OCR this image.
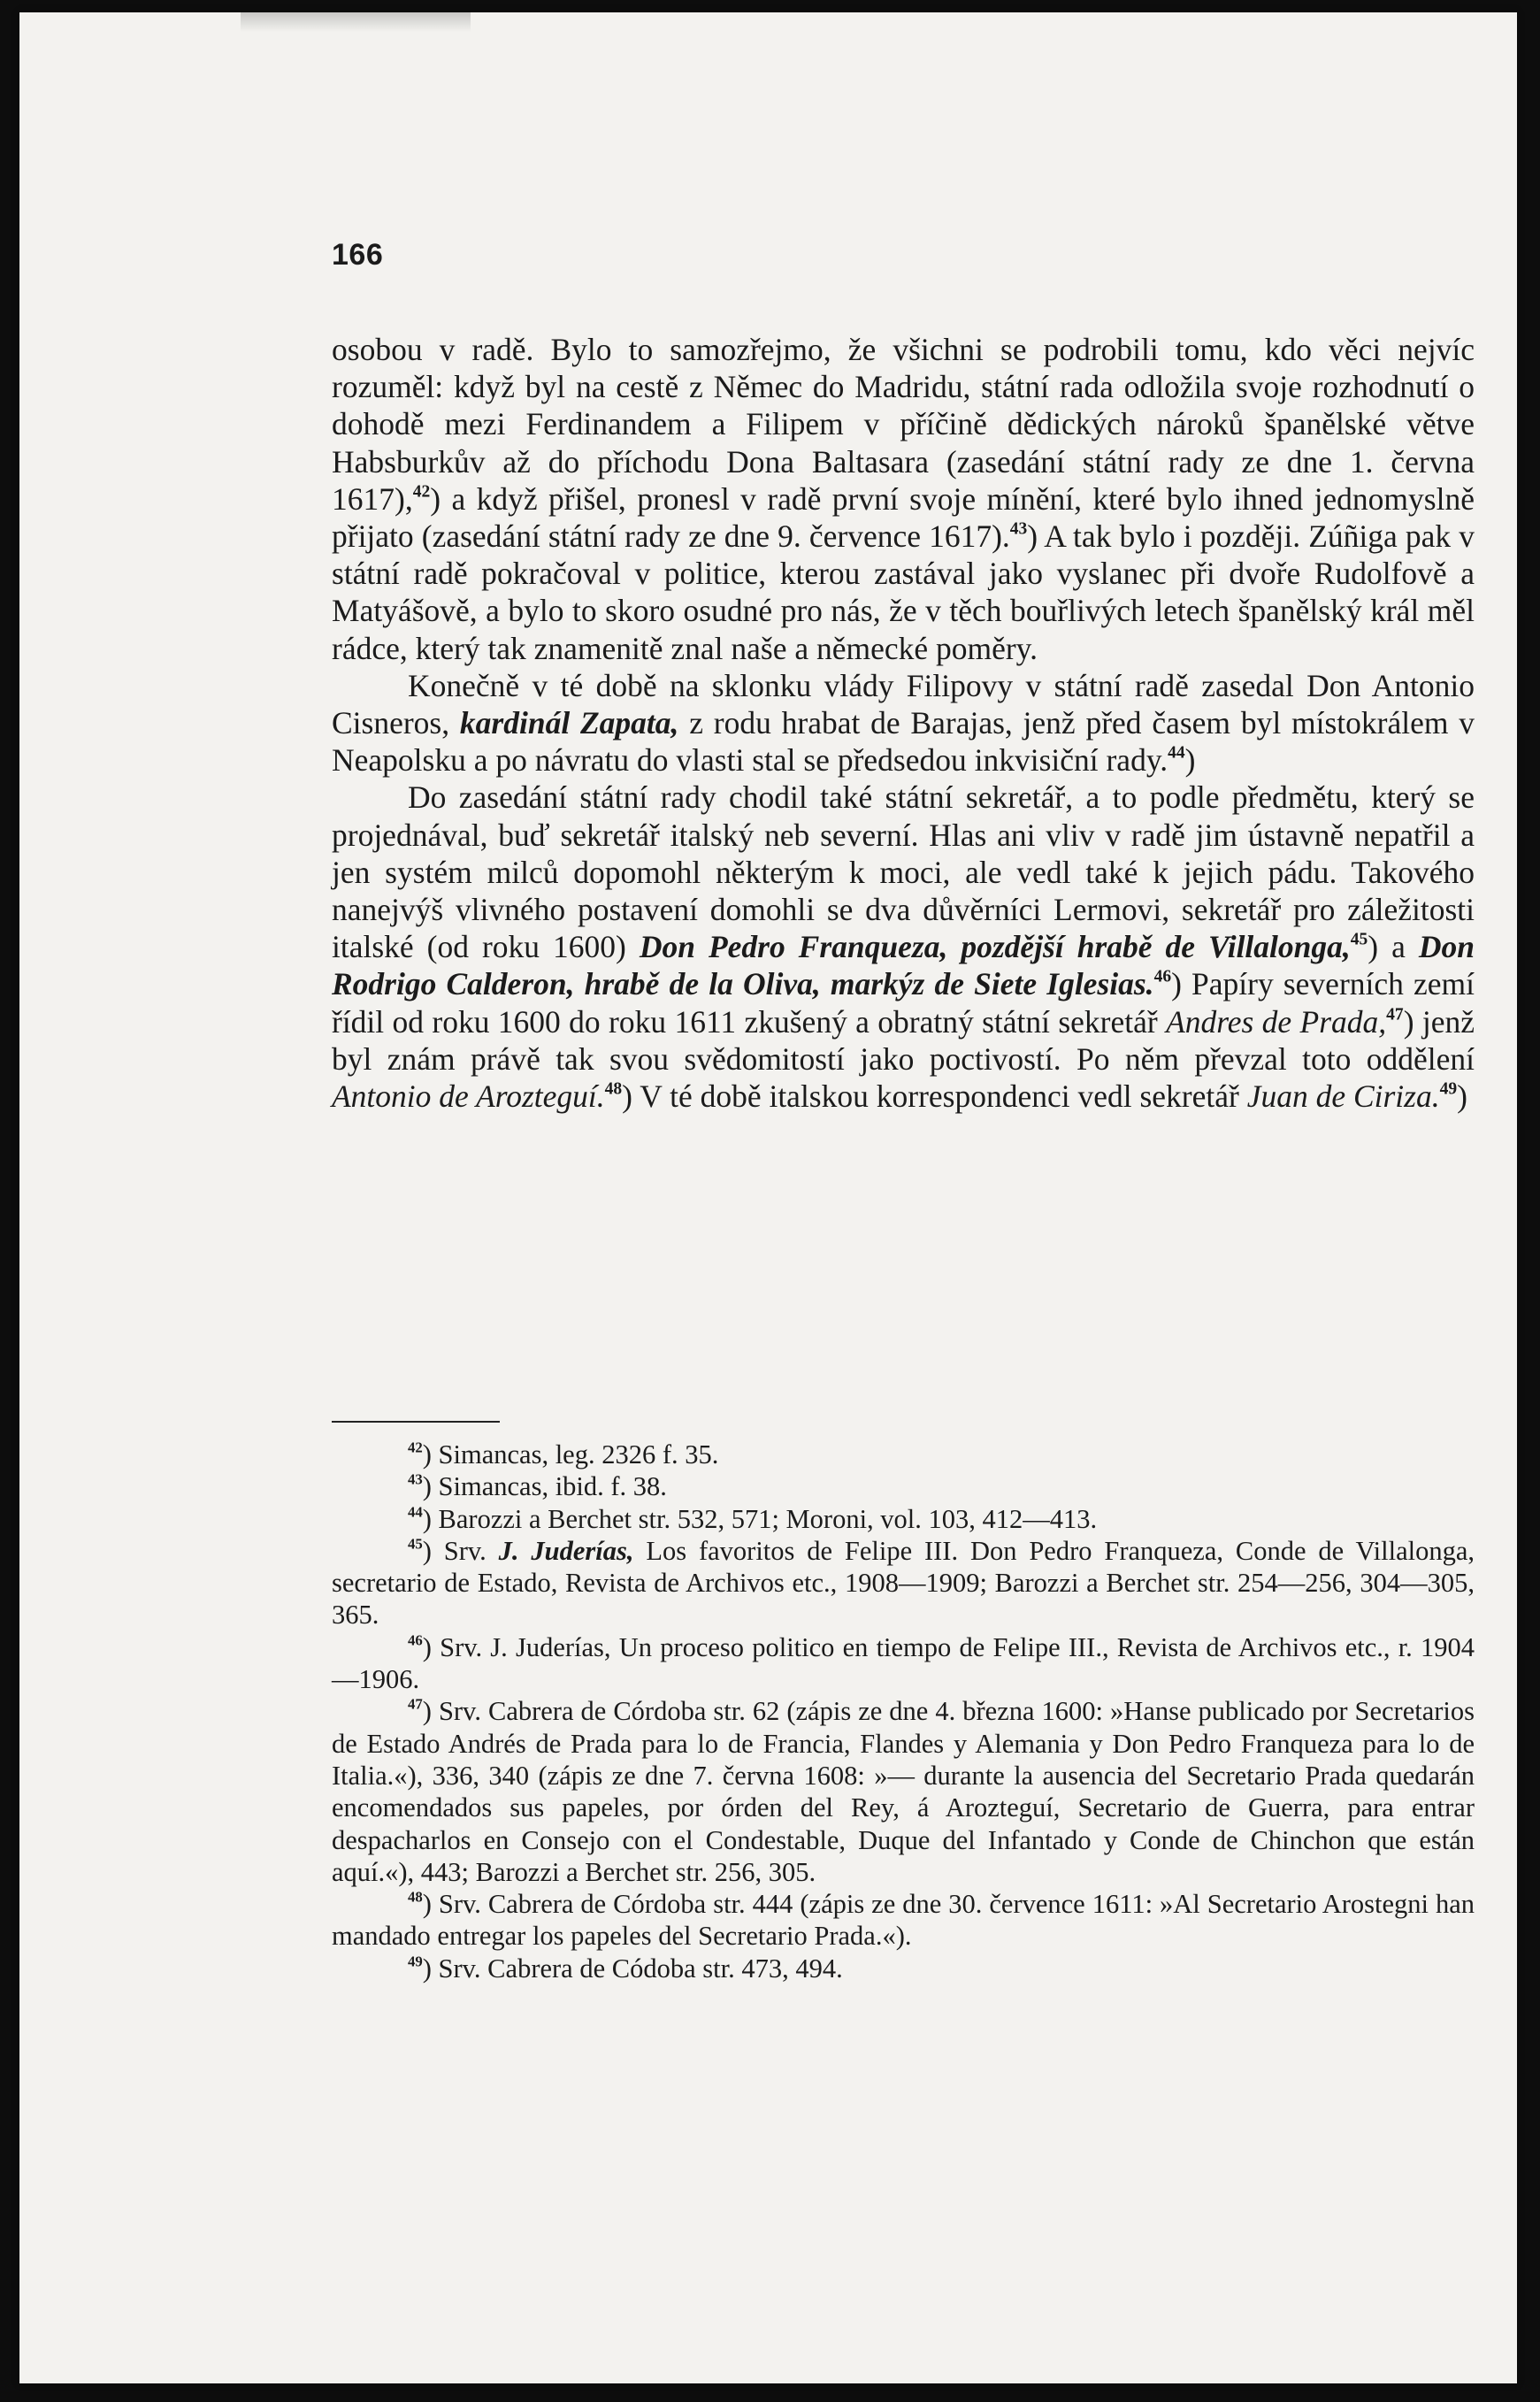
166

osobou v radě. Bylo to samozřejmo, že všichni se podrobili tomu, kdo věci nejvíc rozuměl: když byl na cestě z Němec do Madridu, státní rada odložila svoje rozhodnutí o dohodě mezi Ferdinandem a Filipem v příčině dědických nároků španělské větve Habsburkův až do příchodu Dona Baltasara (zasedání státní rady ze dne 1. června 1617),$^{42}$) a když přišel, pronesl v radě první svoje mínění, které bylo ihned jednomyslně přijato (zasedání státní rady ze dne 9. července 1617).$^{43}$) A tak bylo i později. Zúñiga pak v státní radě pokračoval v politice, kterou zastával jako vyslanec při dvoře Rudolfově a Matyášově, a bylo to skoro osudné pro nás, že v těch bouřlivých letech španělský král měl rádce, který tak znamenitě znal naše a německé poměry.

Konečně v té době na sklonku vlády Filipovy v státní radě zasedal Don Antonio Cisneros, kardinál Zapata, z rodu hrabat de Barajas, jenž před časem byl místokrálem v Neapolsku a po návratu do vlasti stal se předsedou inkvisiční rady.$^{44}$)

Do zasedání státní rady chodil také státní sekretář, a to podle předmětu, který se projednával, buď sekretář italský neb severní. Hlas ani vliv v radě jim ústavně nepatřil a jen systém milců dopomohl některým k moci, ale vedl také k jejich pádu. Takového nanejvýš vlivného postavení domohli se dva důvěrníci Lermovi, sekretář pro záležitosti italské (od roku 1600) Don Pedro Franqueza, pozdější hrabě de Villalonga,$^{45}$) a Don Rodrigo Calderon, hrabě de la Oliva, markýz de Siete Iglesias.$^{46}$) Papíry severních zemí řídil od roku 1600 do roku 1611 zkušený a obratný státní sekretář Andres de Prada,$^{47}$) jenž byl znám právě tak svou svědomitostí jako poctivostí. Po něm převzal toto oddělení Antonio de Arozteguí.$^{48}$) V té době italskou korrespondenci vedl sekretář Juan de Ciriza.$^{49}$)

$^{42}$) Simancas, leg. 2326 f. 35.

$^{43}$) Simancas, ibid. f. 38.

$^{44}$) Barozzi a Berchet str. 532, 571; Moroni, vol. 103, 412—413.

$^{45}$) Srv. J. Juderías, Los favoritos de Felipe III. Don Pedro Franqueza, Conde de Villalonga, secretario de Estado, Revista de Archivos etc., 1908—1909; Barozzi a Berchet str. 254—256, 304—305, 365.

$^{46}$) Srv. J. Juderías, Un proceso politico en tiempo de Felipe III., Revista de Archivos etc., r. 1904—1906.

$^{47}$) Srv. Cabrera de Córdoba str. 62 (zápis ze dne 4. března 1600: »Hanse publicado por Secretarios de Estado Andrés de Prada para lo de Francia, Flandes y Alemania y Don Pedro Franqueza para lo de Italia.«), 336, 340 (zápis ze dne 7. června 1608: »— durante la ausencia del Secretario Prada quedarán encomendados sus papeles, por órden del Rey, á Arozteguí, Secretario de Guerra, para entrar despacharlos en Consejo con el Condestable, Duque del Infantado y Conde de Chinchon que están aquí.«), 443; Barozzi a Berchet str. 256, 305.

$^{48}$) Srv. Cabrera de Córdoba str. 444 (zápis ze dne 30. července 1611: »Al Secretario Arostegni han mandado entregar los papeles del Secretario Prada.«).

$^{49}$) Srv. Cabrera de Códoba str. 473, 494.
